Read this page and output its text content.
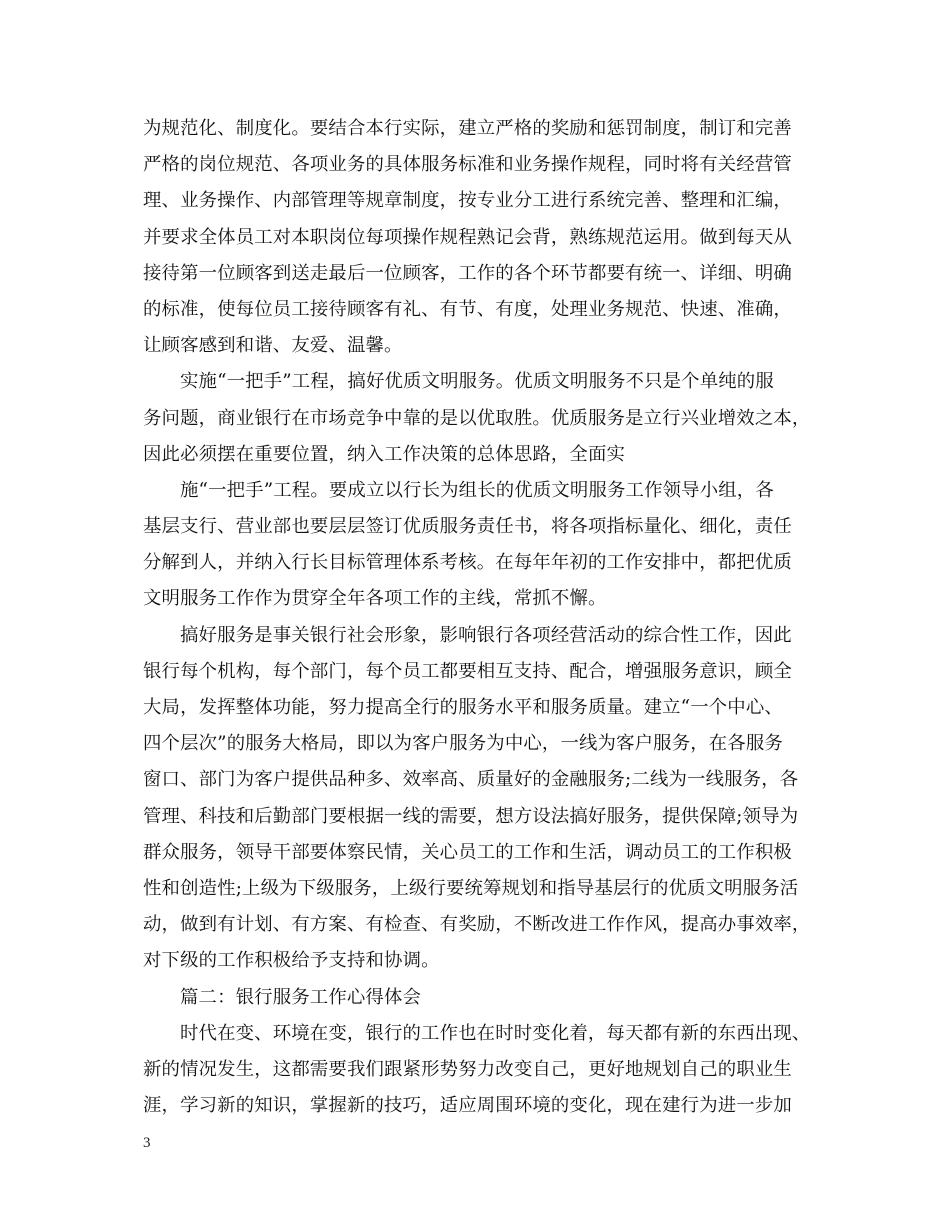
为规范化、制度化。要结合本行实际，建立严格的奖励和惩罚制度，制订和完善
严格的岗位规范、各项业务的具体服务标准和业务操作规程，同时将有关经营管
理、业务操作、内部管理等规章制度，按专业分工进行系统完善、整理和汇编，
并要求全体员工对本职岗位每项操作规程熟记会背，熟练规范运用。做到每天从
接待第一位顾客到送走最后一位顾客，工作的各个环节都要有统一、详细、明确
的标准，使每位员工接待顾客有礼、有节、有度，处理业务规范、快速、准确，
让顾客感到和谐、友爱、温馨。
实施“一把手”工程，搞好优质文明服务。优质文明服务不只是个单纯的服
务问题，商业银行在市场竞争中靠的是以优取胜。优质服务是立行兴业增效之本，
因此必须摆在重要位置，纳入工作决策的总体思路，全面实
施“一把手”工程。要成立以行长为组长的优质文明服务工作领导小组，各
基层支行、营业部也要层层签订优质服务责任书，将各项指标量化、细化，责任
分解到人，并纳入行长目标管理体系考核。在每年年初的工作安排中，都把优质
文明服务工作作为贯穿全年各项工作的主线，常抓不懈。
搞好服务是事关银行社会形象，影响银行各项经营活动的综合性工作，因此
银行每个机构，每个部门，每个员工都要相互支持、配合，增强服务意识，顾全
大局，发挥整体功能，努力提高全行的服务水平和服务质量。建立“一个中心、
四个层次”的服务大格局，即以为客户服务为中心，一线为客户服务，在各服务
窗口、部门为客户提供品种多、效率高、质量好的金融服务;二线为一线服务，各
管理、科技和后勤部门要根据一线的需要，想方设法搞好服务，提供保障;领导为
群众服务，领导干部要体察民情，关心员工的工作和生活，调动员工的工作积极
性和创造性;上级为下级服务，上级行要统筹规划和指导基层行的优质文明服务活
动，做到有计划、有方案、有检查、有奖励，不断改进工作作风，提高办事效率，
对下级的工作积极给予支持和协调。
篇二：银行服务工作心得体会
时代在变、环境在变，银行的工作也在时时变化着，每天都有新的东西出现、
新的情况发生，这都需要我们跟紧形势努力改变自己，更好地规划自己的职业生
涯，学习新的知识，掌握新的技巧，适应周围环境的变化，现在建行为进一步加
3
